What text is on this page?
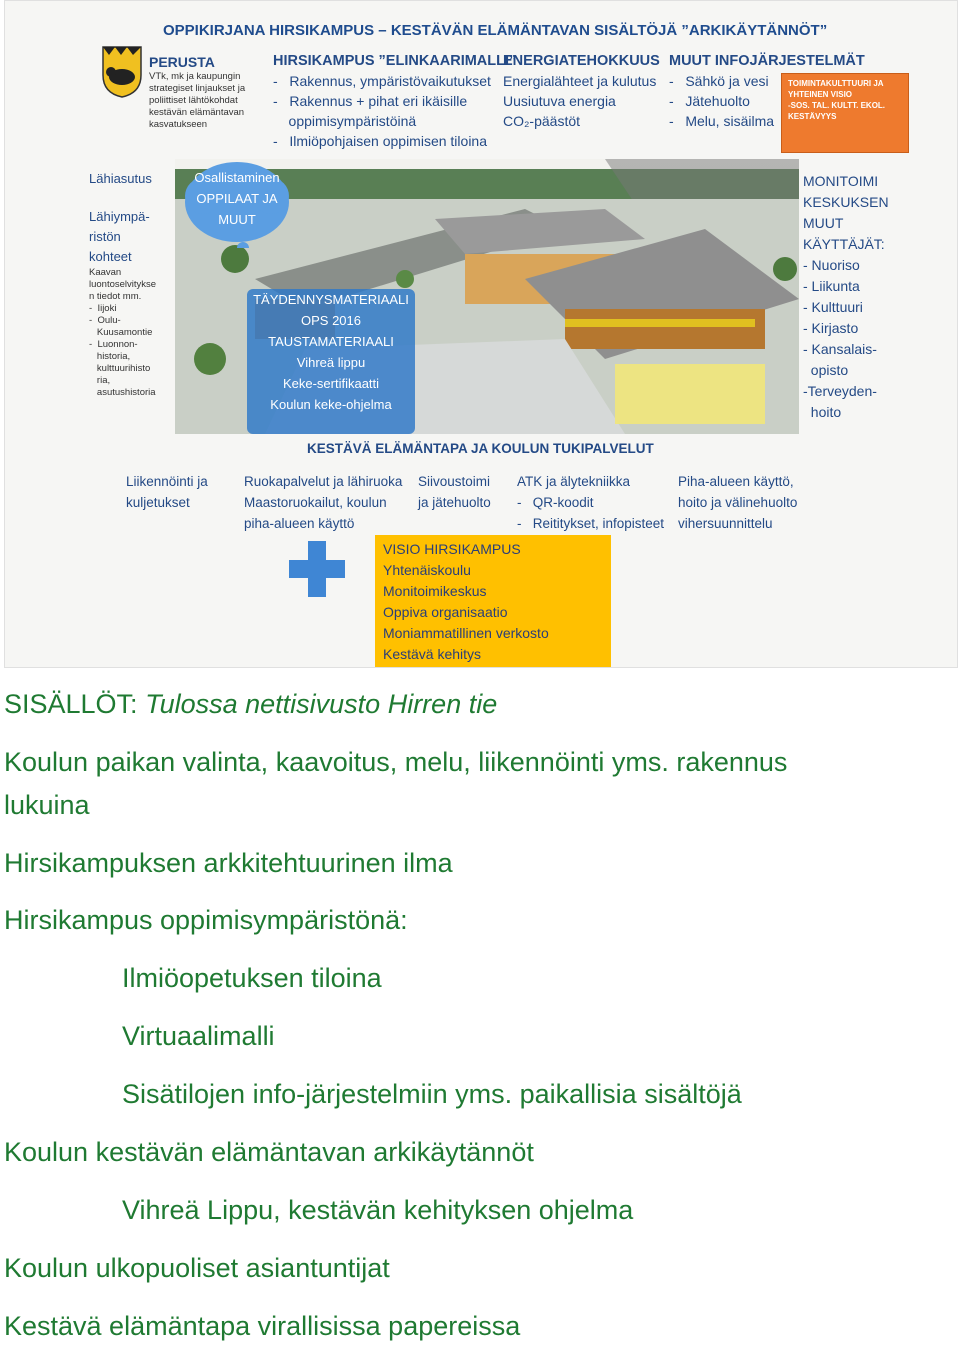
OPPIKIRJANA HIRSIKAMPUS – KESTÄVÄN ELÄMÄNTAVAN SISÄLTÖJÄ ”ARKIKÄYTÄNNÖT”
PERUSTA
VTk, mk ja kaupungin
strategiset linjaukset ja
poliittiset lähtökohdat
kestävän elämäntavan
kasvatukseen
HIRSIKAMPUS ”ELINKAARIMALLI”
-   Rakennus, ympäristövaikutukset
-   Rakennus + pihat eri ikäisille
oppimisympäristöinä
-   Ilmiöpohjaisen oppimisen tiloina
ENERGIATEHOKKUUS
Energialähteet ja kulutus
Uusiutuva energia
CO₂-päästöt
MUUT INFOJÄRJESTELMÄT
-   Sähkö ja vesi
-   Jätehuolto
-   Melu, sisäilma
TOIMINTAKULTTUURI JA
YHTEINEN VISIO
-SOS. TAL. KULTT. EKOL.
KESTÄVYYS
Osallistaminen
OPPILAAT JA
MUUT
TÄYDENNYSMATERIAALI
OPS 2016
TAUSTAMATERIAALI
Vihreä lippu
Keke-sertifikaatti
Koulun keke-ohjelma
Lähiasutus
Lähiympä-
ristön
kohteet
Kaavan
luontoselvitykse
n tiedot mm.
-  Iijoki
-  Oulu-
Kuusamontie
-  Luonnon-
historia,
kulttuurihisto
ria,
asutushistoria
MONITOIMI
KESKUKSEN
MUUT
KÄYTTÄJÄT:
- Nuoriso
- Liikunta
- Kulttuuri
- Kirjasto
- Kansalais-
opisto
-Terveyden-
hoito
KESTÄVÄ ELÄMÄNTAPA JA KOULUN TUKIPALVELUT
Liikennöinti ja
kuljetukset
Ruokapalvelut ja lähiruoka
Maastoruokailut, koulun
piha-alueen käyttö
Siivoustoimi
ja jätehuolto
ATK ja älytekniikka
-   QR-koodit
-   Reititykset, infopisteet
Piha-alueen käyttö,
hoito ja välinehuolto
vihersuunnittelu
VISIO HIRSIKAMPUS
Yhtenäiskoulu
Monitoimikeskus
Oppiva organisaatio
Moniammatillinen verkosto
Kestävä kehitys
SISÄLLÖT: Tulossa nettisivusto Hirren tie
Koulun paikan valinta, kaavoitus, melu, liikennöinti yms. rakennus
lukuina
Hirsikampuksen arkkitehtuurinen ilma
Hirsikampus oppimisympäristönä:
Ilmiöopetuksen tiloina
Virtuaalimalli
Sisätilojen info-järjestelmiin yms. paikallisia sisältöjä
Koulun kestävän elämäntavan arkikäytännöt
Vihreä Lippu, kestävän kehityksen ohjelma
Koulun ulkopuoliset asiantuntijat
Kestävä elämäntapa virallisissa papereissa
